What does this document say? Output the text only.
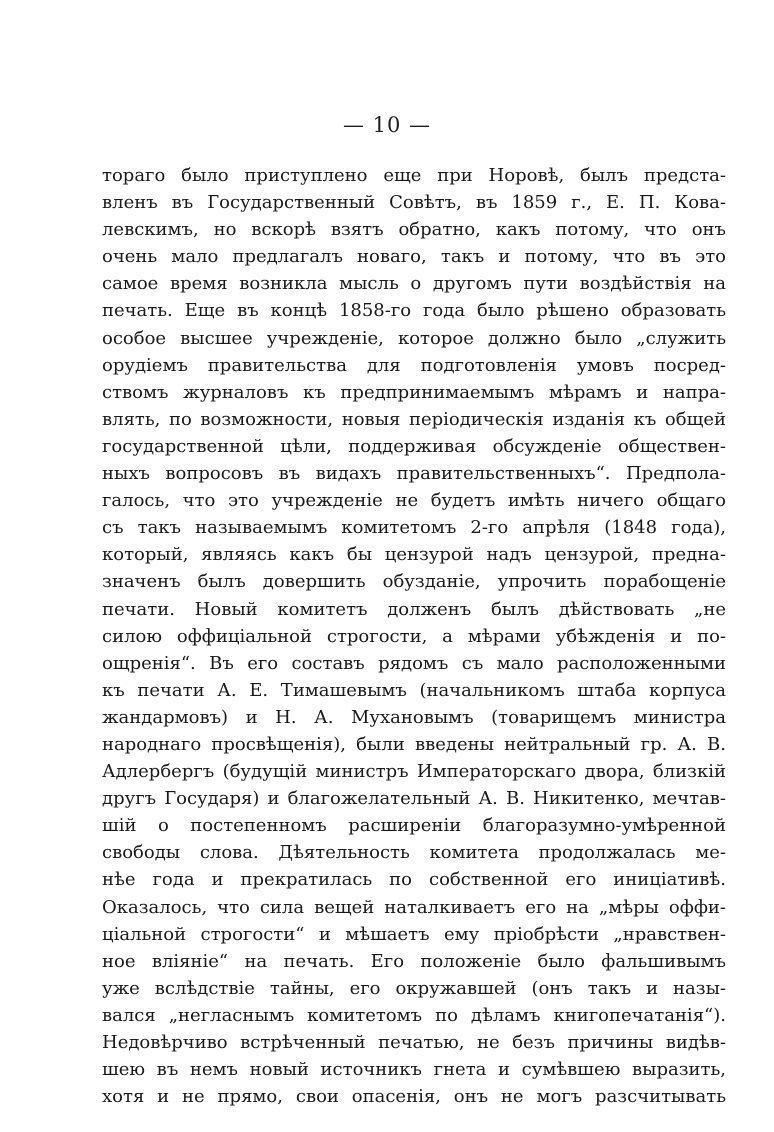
— 10 —
тораго было приступлено еще при Норовѣ, былъ предста-
вленъ въ Государственный Совѣтъ, въ 1859 г., Е. П. Кова-
левскимъ, но вскорѣ взятъ обратно, какъ потому, что онъ
очень мало предлагалъ новаго, такъ и потому, что въ это
самое время возникла мысль о другомъ пути воздѣйствія на
печать. Еще въ концѣ 1858-го года было рѣшено образовать
особое высшее учрежденіе, которое должно было „служить
орудіемъ правительства для подготовленія умовъ посред-
ствомъ журналовъ къ предпринимаемымъ мѣрамъ и напра-
влять, по возможности, новыя періодическія изданія къ общей
государственной цѣли, поддерживая обсужденіе обществен-
ныхъ вопросовъ въ видахъ правительственныхъ“. Предпола-
галось, что это учрежденіе не будетъ имѣть ничего общаго
съ такъ называемымъ комитетомъ 2-го апрѣля (1848 года),
который, являясь какъ бы цензурой надъ цензурой, предна-
значенъ былъ довершить обузданіе, упрочить порабощеніе
печати. Новый комитетъ долженъ былъ дѣйствовать „не
силою оффиціальной строгости, а мѣрами убѣжденія и по-
ощренія“. Въ его составъ рядомъ съ мало расположенными
къ печати А. Е. Тимашевымъ (начальникомъ штаба корпуса
жандармовъ) и Н. А. Мухановымъ (товарищемъ министра
народнаго просвѣщенія), были введены нейтральный гр. А. В.
Адлербергъ (будущій министръ Императорскаго двора, близкій
другъ Государя) и благожелательный А. В. Никитенко, мечтав-
шій о постепенномъ расширеніи благоразумно-умѣренной
свободы слова. Дѣятельность комитета продолжалась ме-
нѣе года и прекратилась по собственной его иниціативѣ.
Оказалось, что сила вещей наталкиваетъ его на „мѣры оффи-
ціальной строгости“ и мѣшаетъ ему пріобрѣсти „нравствен-
ное вліяніе“ на печать. Его положеніе было фальшивымъ
уже вслѣдствіе тайны, его окружавшей (онъ такъ и назы-
вался „негласнымъ комитетомъ по дѣламъ книгопечатанія“).
Недовѣрчиво встрѣченный печатью, не безъ причины видѣв-
шею въ немъ новый источникъ гнета и сумѣвшею выразить,
хотя и не прямо, свои опасенія, онъ не могъ разсчитывать
